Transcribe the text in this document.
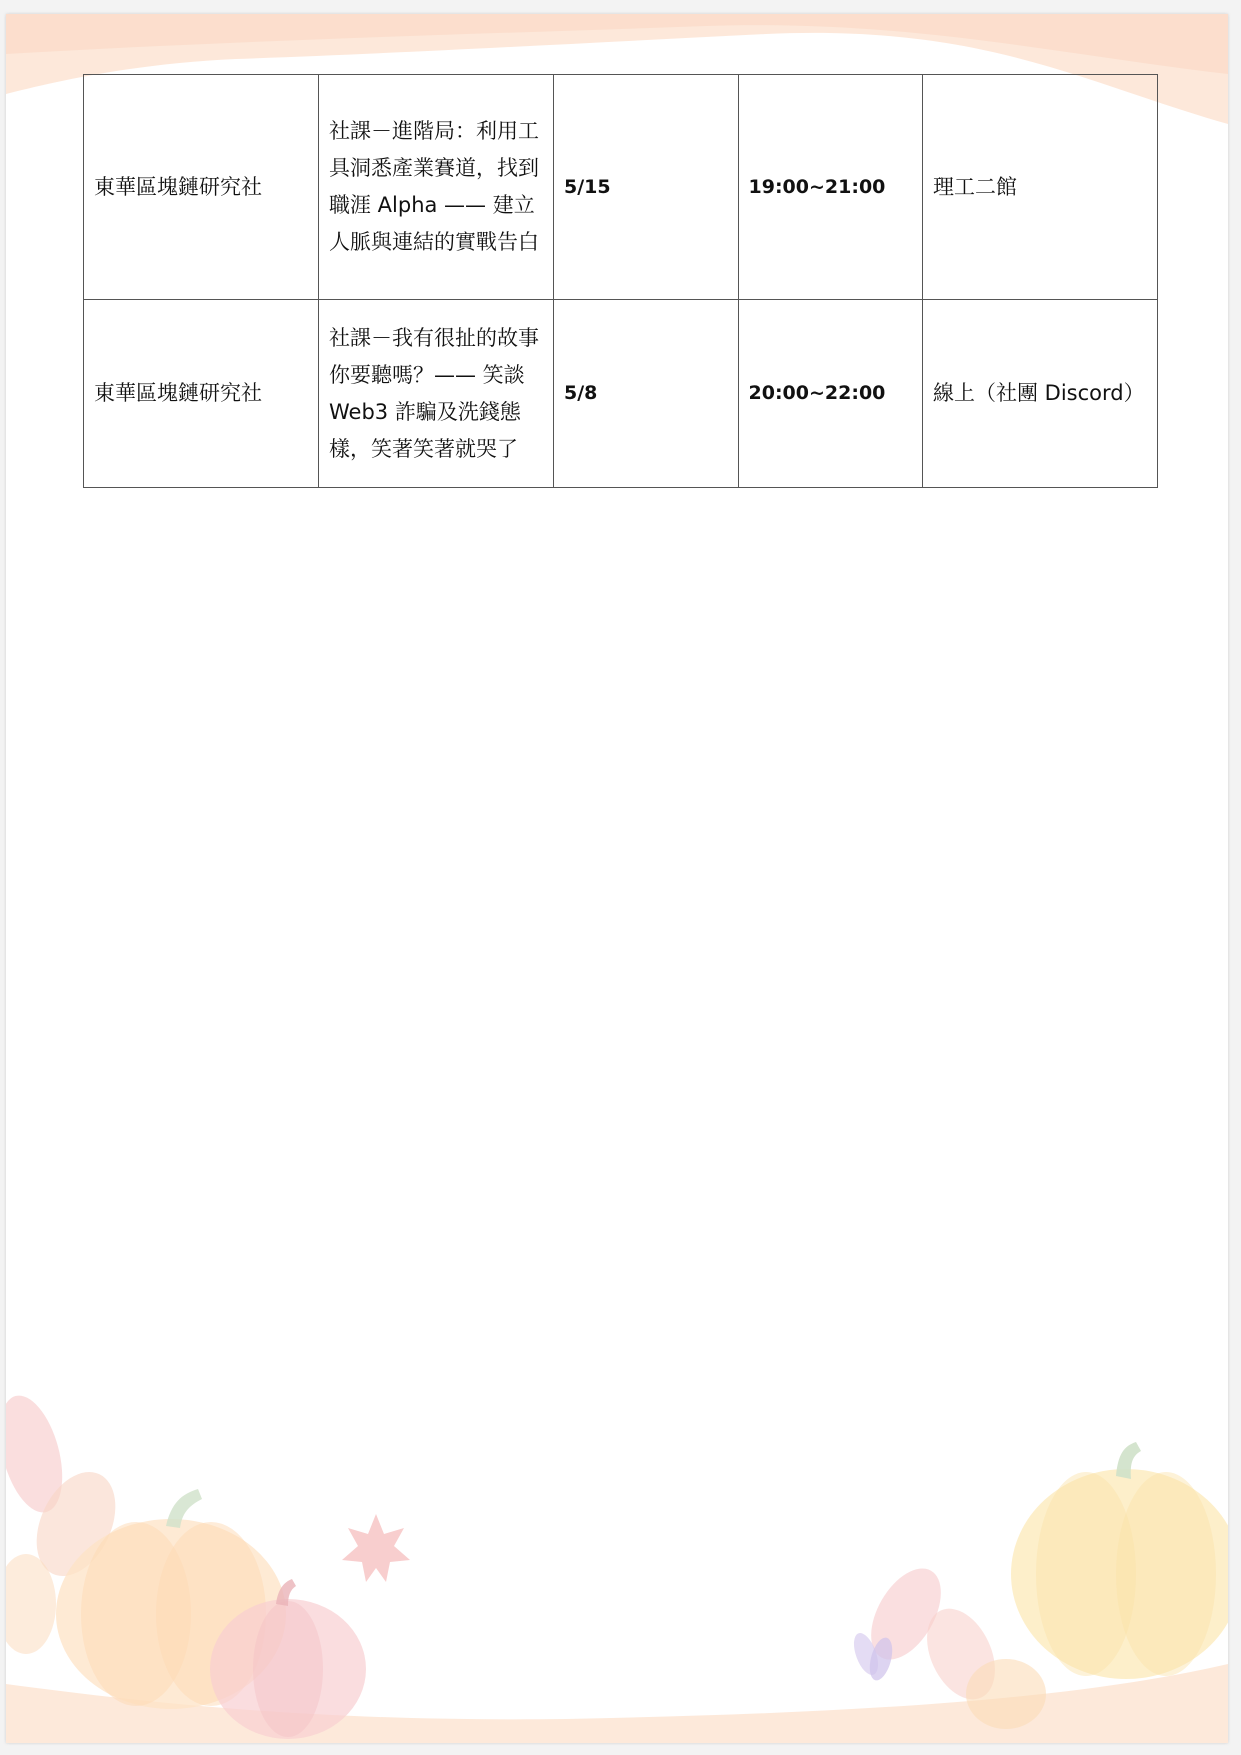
東華區塊鏈研究社	社課－進階局：利用工具洞悉產業賽道，找到職涯 Alpha —— 建立人脈與連結的實戰告白	5/15	19:00~21:00	理工二館
東華區塊鏈研究社	社課－我有很扯的故事你要聽嗎？—— 笑談 Web3 詐騙及洗錢態樣，笑著笑著就哭了	5/8	20:00~22:00	線上（社團 Discord）
